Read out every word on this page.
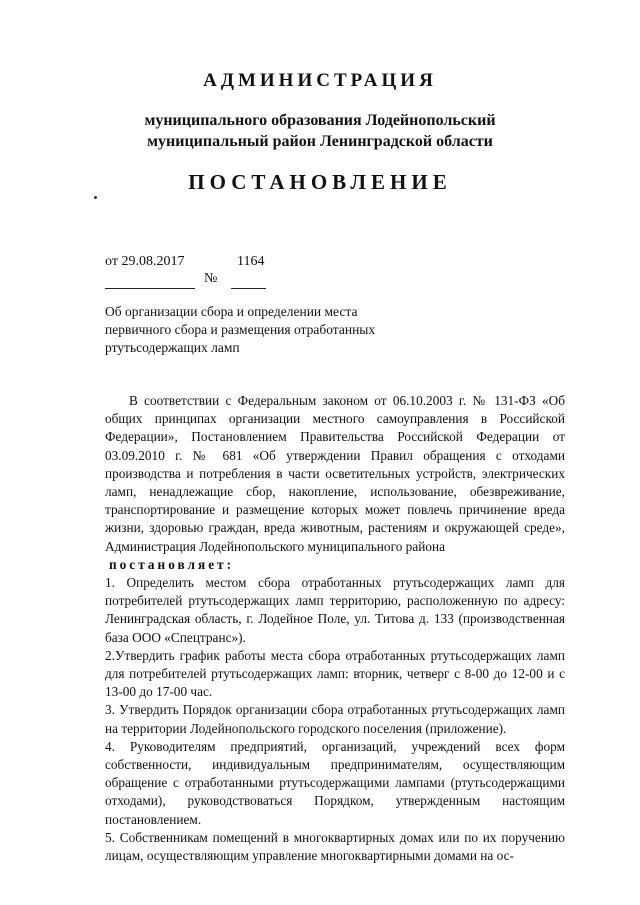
АДМИНИСТРАЦИЯ
муниципального образования Лодейнопольский
муниципальный район Ленинградской области
ПОСТАНОВЛЕНИЕ
от 29.08.2017	1164
№
Об организации сбора и определении места
первичного сбора и размещения отработанных
ртутьсодержащих ламп

В соответствии с Федеральным законом от 06.10.2003 г. № 131-ФЗ «Об общих принципах организации местного самоуправления в Российской Федерации», Постановлением Правительства Российской Федерации от 03.09.2010 г. № 681 «Об утверждении Правил обращения с отходами производства и потребления в части осветительных устройств, электрических ламп, ненадлежащие сбор, накопление, использование, обезвреживание, транспортирование и размещение которых может повлечь причинение вреда жизни, здоровью граждан, вреда животным, растениям и окружающей среде», Администрация Лодейнопольского муниципального района

постановляет:

1. Определить местом сбора отработанных ртутьсодержащих ламп для потребителей ртутьсодержащих ламп территорию, расположенную по адресу: Ленинградская область, г. Лодейное Поле, ул. Титова д. 133 (производственная база ООО «Спецтранс»).

2.Утвердить график работы места сбора отработанных ртутьсодержащих ламп для потребителей ртутьсодержащих ламп: вторник, четверг с 8-00 до 12-00 и с 13-00 до 17-00 час.

3. Утвердить Порядок организации сбора отработанных ртутьсодержащих ламп на территории Лодейнопольского городского поселения (приложение).

4. Руководителям предприятий, организаций, учреждений всех форм собственности, индивидуальным предпринимателям, осуществляющим обращение с отработанными ртутьсодержащими лампами (ртутьсодержащими отходами), руководствоваться Порядком, утвержденным настоящим постановлением.

5. Собственникам помещений в многоквартирных домах или по их поручению лицам, осуществляющим управление многоквартирными домами на ос-
